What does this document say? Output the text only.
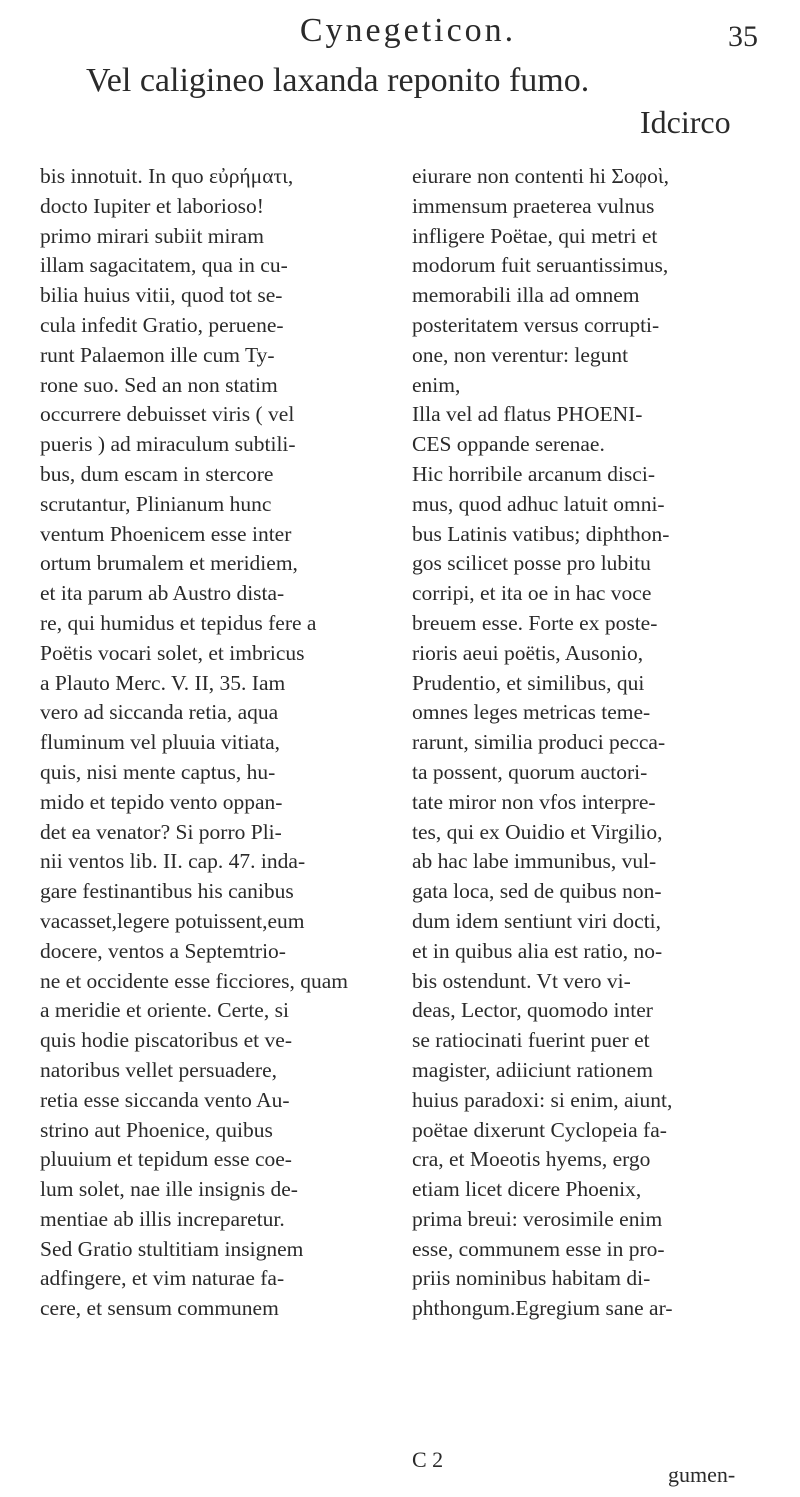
Cynegeticon.	35
Vel caligineo laxanda reponito fumo.
Idcirco
bis innotuit. In quo εὐρήματι,
docto Iupiter et laborioso!
primo mirari subiit miram
illam sagacitatem, qua in cu-
bilia huius vitii, quod tot se-
cula infedit Gratio, peruene-
runt Palaemon ille cum Ty-
rone suo. Sed an non statim
occurrere debuisset viris ( vel
pueris ) ad miraculum subtili-
bus, dum escam in stercore
scrutantur, Plinianum hunc
ventum Phoenicem esse inter
ortum brumalem et meridiem,
et ita parum ab Austro dista-
re, qui humidus et tepidus fere a
Poëtis vocari solet, et imbricus
a Plauto Merc. V. II, 35. Iam
vero ad siccanda retia, aqua
fluminum vel pluuia vitiata,
quis, nisi mente captus, hu-
mido et tepido vento oppan-
det ea venator? Si porro Pli-
nii ventos lib. II. cap. 47. inda-
gare festinantibus his canibus
vacasset,legere potuissent,eum
docere, ventos a Septemtrio-
ne et occidente esse ficciores, quam
a meridie et oriente. Certe, si
quis hodie piscatoribus et ve-
natoribus vellet persuadere,
retia esse siccanda vento Au-
strino aut Phoenice, quibus
pluuium et tepidum esse coe-
lum solet, nae ille insignis de-
mentiae ab illis increparetur.
Sed Gratio stultitiam insignem
adfingere, et vim naturae fa-
cere, et sensum communem
eiurare non contenti hi Σοφοὶ,
immensum praeterea vulnus
infligere Poëtae, qui metri et
modorum fuit seruantissimus,
memorabili illa ad omnem
posteritatem versus corrupti-
one, non verentur: legunt
enim,
Illa vel ad flatus PHOENI-
CES oppande serenae.
Hic horribile arcanum disci-
mus, quod adhuc latuit omni-
bus Latinis vatibus; diphthon-
gos scilicet posse pro lubitu
corripi, et ita oe in hac voce
breuem esse. Forte ex poste-
rioris aeui poëtis, Ausonio,
Prudentio, et similibus, qui
omnes leges metricas teme-
rarunt, similia produci pecca-
ta possent, quorum auctori-
tate miror non vfos interpre-
tes, qui ex Ouidio et Virgilio,
ab hac labe immunibus, vul-
gata loca, sed de quibus non-
dum idem sentiunt viri docti,
et in quibus alia est ratio, no-
bis ostendunt. Vt vero vi-
deas, Lector, quomodo inter
se ratiocinati fuerint puer et
magister, adiiciunt rationem
huius paradoxi: si enim, aiunt,
poëtae dixerunt Cyclopeia fa-
cra, et Moeotis hyems, ergo
etiam licet dicere Phoenix,
prima breui: verosimile enim
esse, communem esse in pro-
priis nominibus habitam di-
phthongum.Egregium sane ar-
C 2
gumen-
